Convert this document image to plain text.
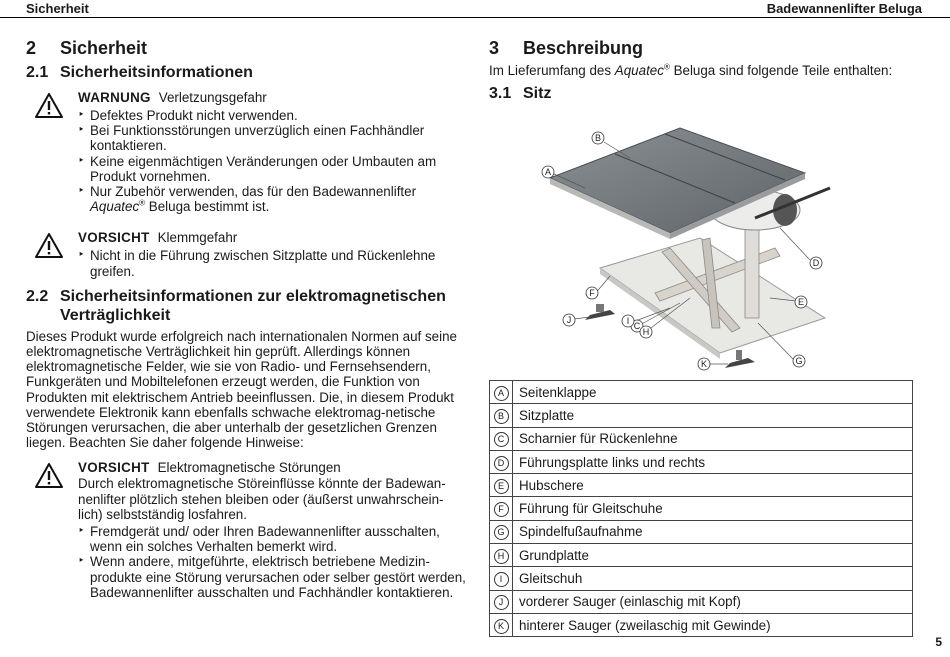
Sicherheit	Badewannenlifter Beluga
2	Sicherheit
2.1 Sicherheitsinformationen
WARNUNG Verletzungsgefahr
‣ Defektes Produkt nicht verwenden.
‣ Bei Funktionsstörungen unverzüglich einen Fachhändler kontaktieren.
‣ Keine eigenmächtigen Veränderungen oder Umbauten am Produkt vornehmen.
‣ Nur Zubehör verwenden, das für den Badewannenlifter
Aquatec® Beluga bestimmt ist.
VORSICHT Klemmgefahr
‣ Nicht in die Führung zwischen Sitzplatte und Rückenlehne greifen.
2.2 Sicherheitsinformationen zur elektromagnetischen Verträglichkeit
Dieses Produkt wurde erfolgreich nach internationalen Normen auf seine elektromagnetische Verträglichkeit hin geprüft. Allerdings können elektromagnetische Felder, wie sie von Radio- und Fernsehsendern, Funkgeräten und Mobiltelefonen erzeugt werden, die Funktion von Produkten mit elektrischem Antrieb beeinflussen. Die, in diesem Produkt verwendete Elektronik kann ebenfalls schwache elektromag-netische Störungen verursachen, die aber unterhalb der gesetzlichen Grenzen liegen. Beachten Sie daher folgende Hinweise:
VORSICHT Elektromagnetische Störungen
Durch elektromagnetische Störeinflüsse könnte der Badewan-nenlifter plötzlich stehen bleiben oder (äußerst unwahrschein-lich) selbstständig losfahren.
‣ Fremdgerät und/ oder Ihren Badewannenlifter ausschalten, wenn ein solches Verhalten bemerkt wird.
‣ Wenn andere, mitgeführte, elektrisch betriebene Medizin-produkte eine Störung verursachen oder selber gestört werden, Badewannenlifter ausschalten und Fachhändler kontaktieren.
3	Beschreibung
Im Lieferumfang des Aquatec® Beluga sind folgende Teile enthalten:
3.1 Sitz
A
B
C
D
E
F
G
H
I
J
K
A	Seitenklappe
B	Sitzplatte
C	Scharnier für Rückenlehne
D	Führungsplatte links und rechts
E	Hubschere
F	Führung für Gleitschuhe
G	Spindelfußaufnahme
H	Grundplatte
I	Gleitschuh
J	vorderer Sauger (einlaschig mit Kopf)
K	hinterer Sauger (zweilaschig mit Gewinde)
5
